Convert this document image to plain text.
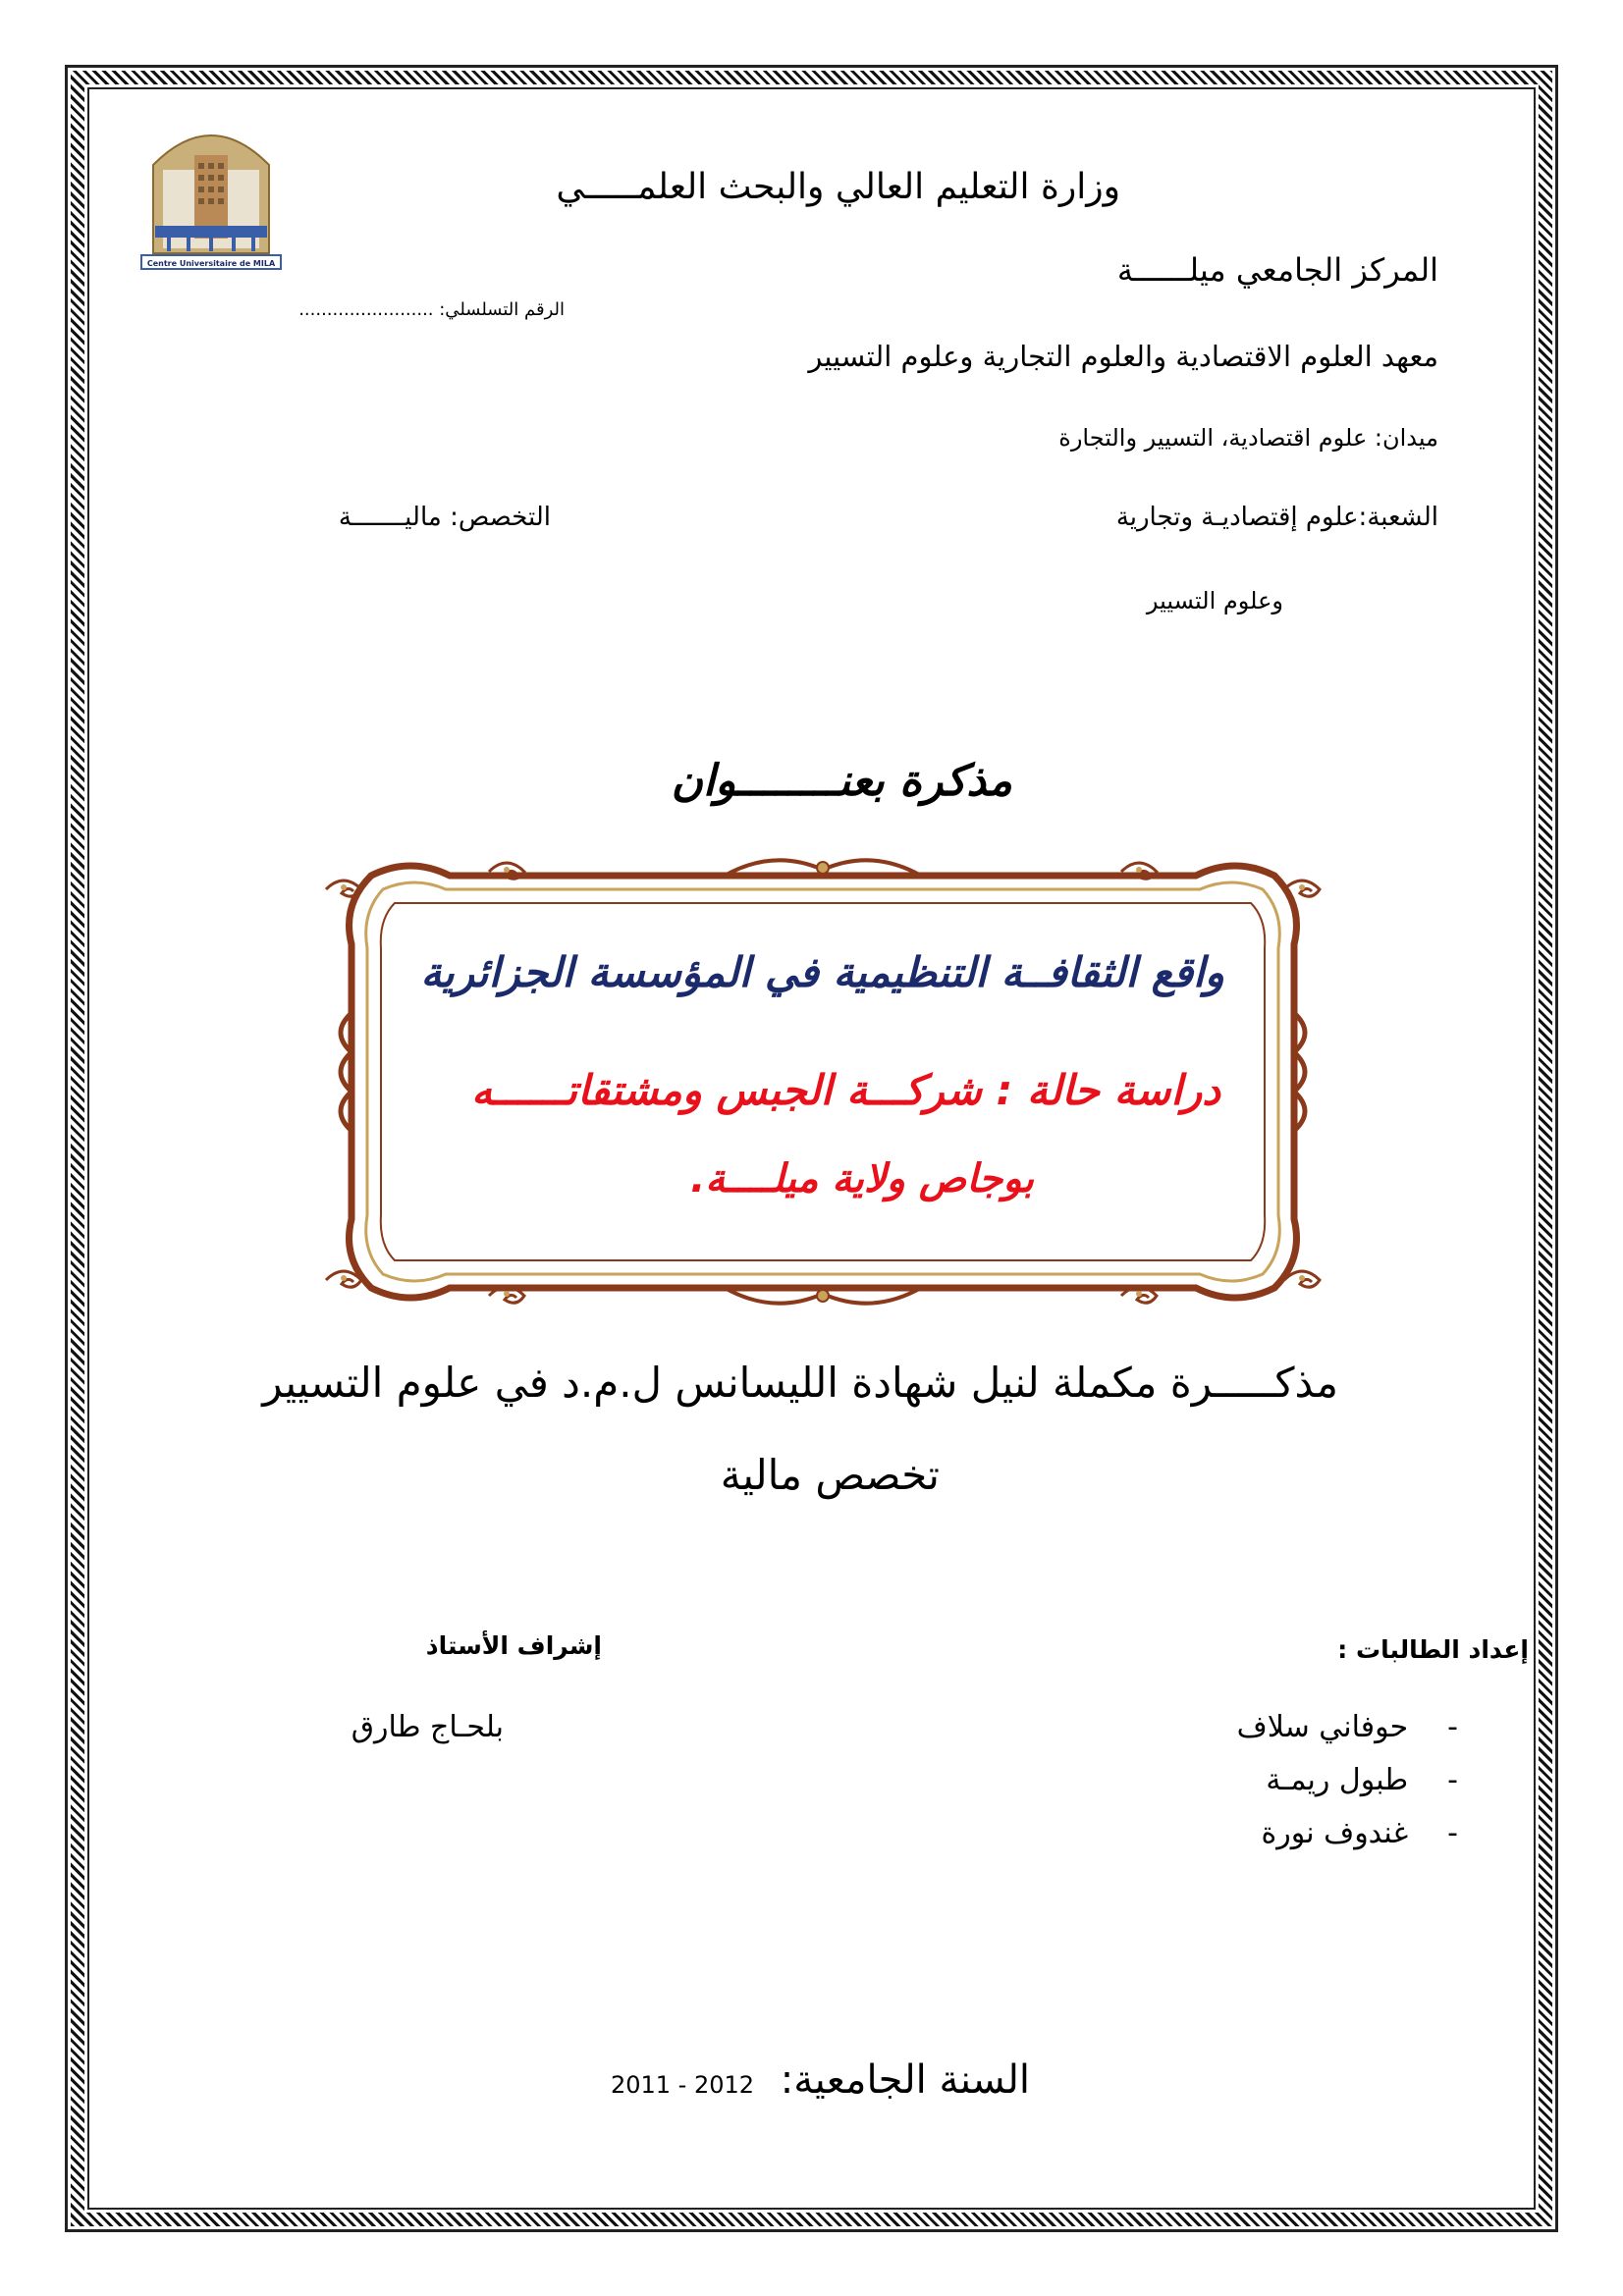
Centre Universitaire de MILA
وزارة التعليم العالي والبحث العلمـــــي
المركز الجامعي ميلــــــة
الرقم التسلسلي: ........................
معهد العلوم الاقتصادية والعلوم التجارية وعلوم التسيير
ميدان: علوم اقتصادية، التسيير والتجارة
الشعبة:علوم إقتصاديـة وتجارية
التخصص: ماليـــــــة
وعلوم التسيير
مذكرة بعنــــــــوان
واقع الثقافــة التنظيمية في المؤسسة الجزائرية
دراسة حالة : شركـــة الجبس ومشتقاتــــــه
بوجاص ولاية ميلــــة.
مذكـــــرة مكملة لنيل شهادة الليسانس ل.م.د في علوم التسيير
تخصص مالية
إعداد الطالبات :
إشراف الأستاذ
-حوفاني سلاف
-طبول ريمـة
-غندوف نورة
بلحـاج طارق
السنة الجامعية: 2011 - 2012
